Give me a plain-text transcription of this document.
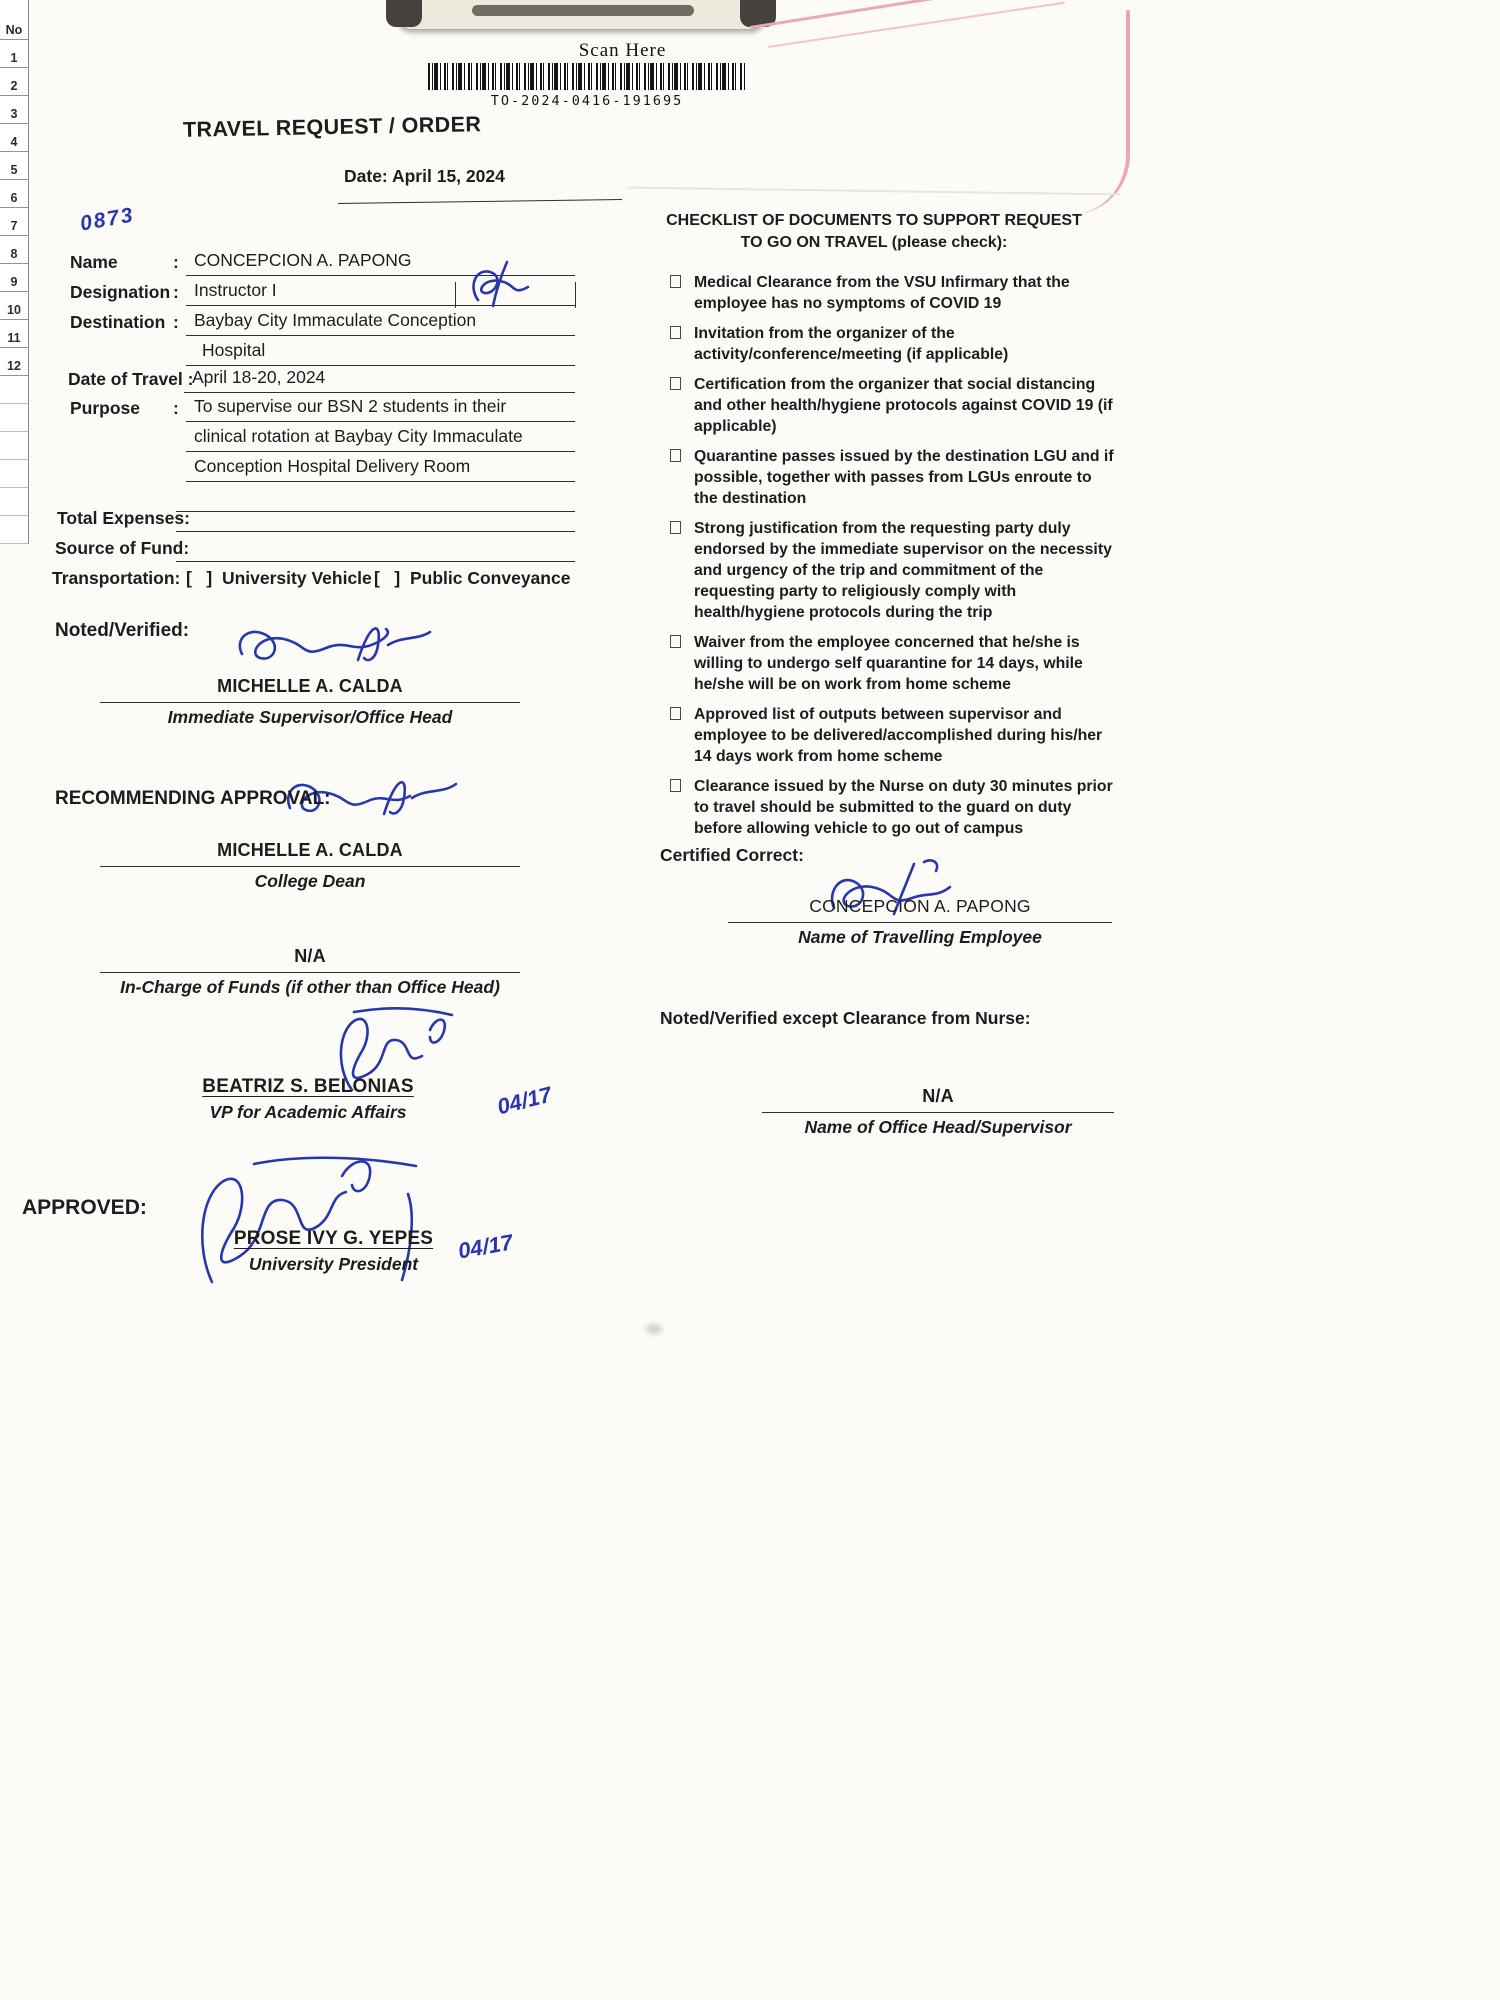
No
1
2
3
4
5
6
7
8
9
10
11
12
Scan Here
TO-2024-0416-191695
TRAVEL REQUEST / ORDER
Date: April 15, 2024
0873
Name	: CONCEPCION A. PAPONG
Designation : Instructor I
Destination : Baybay City Immaculate Conception
Hospital
Date of Travel :
April 18-20, 2024
Purpose : To supervise our BSN 2 students in their
clinical rotation at Baybay City Immaculate
Conception Hospital Delivery Room
Total Expenses:
Source of Fund:
Transportation: [   ]  University Vehicle [   ]  Public Conveyance
Noted/Verified:
MICHELLE A. CALDA
Immediate Supervisor/Office Head
RECOMMENDING APPROVAL:
MICHELLE A. CALDA
College Dean
N/A
In-Charge of Funds (if other than Office Head)
BEATRIZ S. BELONIAS
VP for Academic Affairs	04/17
APPROVED:
PROSE IVY G. YEPES
University President
04/17
CHECKLIST OF DOCUMENTS TO SUPPORT REQUEST
TO GO ON TRAVEL (please check):
Medical Clearance from the VSU Infirmary that the employee has no symptoms of COVID 19
Invitation from the organizer of the activity/conference/meeting (if applicable)
Certification from the organizer that social distancing and other health/hygiene protocols against COVID 19 (if applicable)
Quarantine passes issued by the destination LGU and if possible, together with passes from LGUs enroute to the destination
Strong justification from the requesting party duly endorsed by the immediate supervisor on the necessity and urgency of the trip and commitment of the requesting party to religiously comply with health/hygiene protocols during the trip
Waiver from the employee concerned that he/she is willing to undergo self quarantine for 14 days, while he/she will be on work from home scheme
Approved list of outputs between supervisor and employee to be delivered/accomplished during his/her 14 days work from home scheme
Clearance issued by the Nurse on duty 30 minutes prior to travel should be submitted to the guard on duty before allowing vehicle to go out of campus
Certified Correct:
CONCEPCION A. PAPONG
Name of Travelling Employee
Noted/Verified except Clearance from Nurse:
N/A
Name of Office Head/Supervisor
